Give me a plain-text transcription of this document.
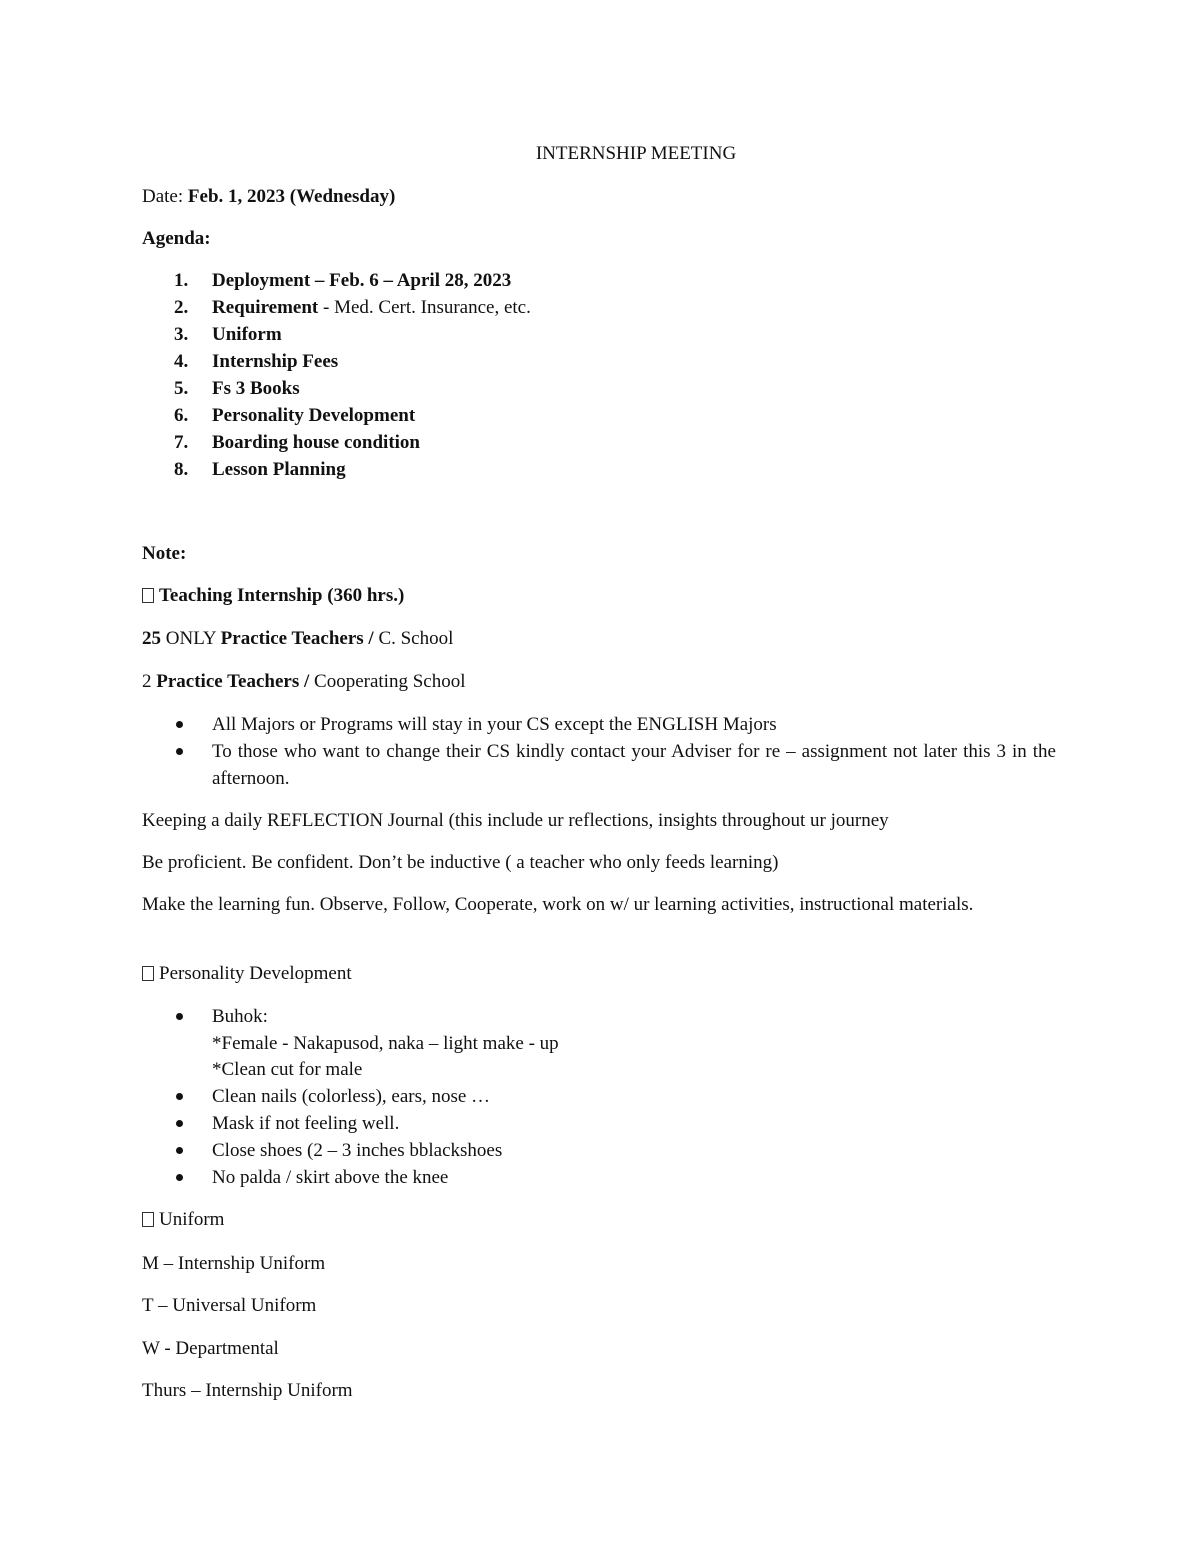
INTERNSHIP MEETING
Date: Feb. 1, 2023 (Wednesday)
Agenda:
1. Deployment – Feb. 6 – April 28, 2023
2. Requirement - Med. Cert. Insurance, etc.
3. Uniform
4. Internship Fees
5. Fs 3 Books
6. Personality Development
7. Boarding house condition
8. Lesson Planning
Note:
Teaching Internship (360 hrs.)
25 ONLY Practice Teachers / C. School
2 Practice Teachers / Cooperating School
All Majors or Programs will stay in your CS except the ENGLISH Majors
To those who want to change their CS kindly contact your Adviser for re – assignment not later this 3 in the afternoon.
Keeping a daily REFLECTION Journal (this include ur reflections, insights throughout ur journey
Be proficient. Be confident. Don’t be inductive ( a teacher who only feeds learning)
Make the learning fun. Observe, Follow, Cooperate, work on w/ ur learning activities, instructional materials.
Personality Development
Buhok:
*Female - Nakapusod, naka – light make - up
*Clean cut for male
Clean nails (colorless), ears, nose …
Mask if not feeling well.
Close shoes (2 – 3 inches bblackshoes
No palda / skirt above the knee
Uniform
M – Internship Uniform
T – Universal Uniform
W - Departmental
Thurs – Internship Uniform
